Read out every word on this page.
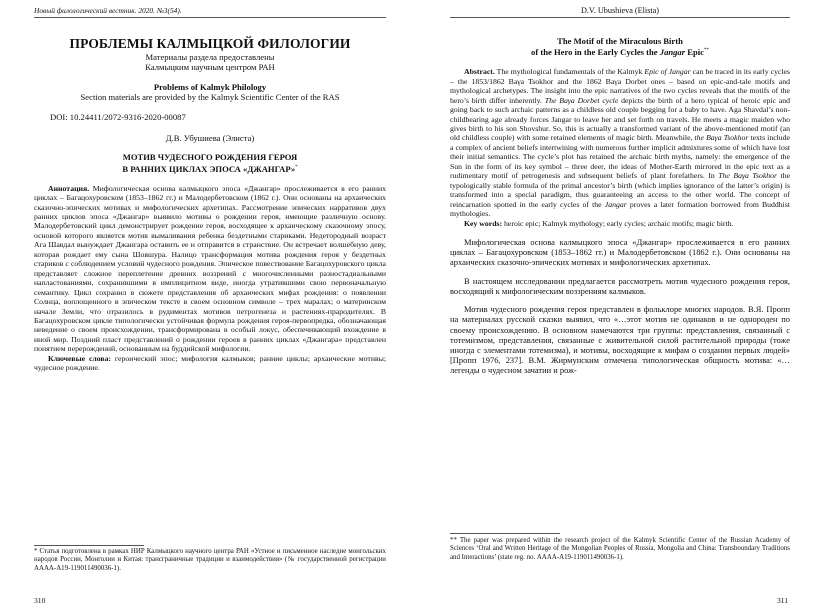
Новый филологический вестник. 2020. №3(54).
ПРОБЛЕМЫ КАЛМЫЦКОЙ ФИЛОЛОГИИ
Материалы раздела предоставлены
Калмыцким научным центром РАН
Problems of Kalmyk Philology
Section materials are provided by the Kalmyk Scientific Center of the RAS
DOI: 10.24411/2072-9316-2020-00087
Д.В. Убушиева (Элиста)
МОТИВ ЧУДЕСНОГО РОЖДЕНИЯ ГЕРОЯ
В РАННИХ ЦИКЛАХ ЭПОСА «ДЖАНГАР»*
Аннотация. Мифологическая основа калмыцкого эпоса «Джангар» прослеживается в его ранних циклах – Багацохуровском (1853–1862 гг.) и Малодербетовском (1862 г.). Они основаны на архаических сказочно-эпических мотивах и мифологических архетипах. Рассмотрение эпических нарративов двух ранних циклов эпоса «Джангар» выявило мотивы о рождении героя, имеющие различную основу. Малодербетовский цикл демонстрирует рождение героя, восходящее к архаическому сказочному эпосу, основой которого является мотив вымаливания ребенка бездетными стариками. Недетородный возраст Ага Шавдал вынуждает Джангара оставить ее и отправится в странствие. Он встречает волшебную деву, которая рождает ему сына Шовшура. Налицо трансформация мотива рождения героя у бездетных стариков с соблюдением условий чудесного рождения. Эпическое повествование Багацохуровского цикла представляет сложное переплетение древних воззрений с многочисленными разностадиальными напластованиями, сохранившими в имплицитном виде, иногда утратившими свою первоначальную семантику. Цикл сохранил в сюжете представления об архаических мифах рождения: о появлении Солнца, воплощенного в эпическом тексте в своем основном символе – трех маралах; о материнском начале Земли, что отразилось в рудиментах мотивов петрогенеза и растениях-прародителях. В Багацохуровском цикле типологически устойчивая формула рождения героя-первопредка, обозначающая неведение о своем происхождении, трансформирована в особый локус, обеспечивающий вхождение в иной мир. Поздний пласт представлений о рождении героев в ранних циклах «Джангара» представлен понятием перерождений, основанным на буддийской мифологии.
Ключевые слова: героический эпос; мифология калмыков; ранние циклы; архаические мотивы; чудесное рождение.
* Статья подготовлена в рамках НИР Калмыцкого научного центра РАН «Устное и письменное наследие монгольских народов России, Монголии и Китая: трансграничные традиции и взаимодействия» (№ государственной регистрации АААА-А19-119011490036-1).
310
D.V. Ubushieva (Elista)
The Motif of the Miraculous Birth
of the Hero in the Early Cycles the Jangar Epic**
Abstract. The mythological fundamentals of the Kalmyk Epic of Jangar can be traced in its early cycles – the 1853/1862 Baγa Tsokhor and the 1862 Baγa Dorbet ones – based on epic-and-tale motifs and mythological archetypes. The insight into the epic narratives of the two cycles reveals that the motifs of the hero’s birth differ inherently. The Baγa Dorbet cycle depicts the birth of a hero typical of heroic epic and going back to such archaic patterns as a childless old couple begging for a baby to have. Aga Shavdal’s non-childbearing age already forces Jangar to leave her and set forth on travels. He meets a magic maiden who gives birth to his son Shovshur. So, this is actually a transformed variant of the above-mentioned motif (an old childless couple) with some retained elements of magic birth. Meanwhile, the Baγa Tsokhor texts include a complex of ancient beliefs intertwining with numerous further implicit admixtures some of which have lost their initial semantics. The cycle’s plot has retained the archaic birth myths, namely: the emergence of the Sun in the form of its key symbol – three deer, the ideas of Mother-Earth mirrored in the epic text as a rudimentary motif of petrogenesis and subsequent beliefs of plant forefathers. In The Baγa Tsokhor the typologically stable formula of the primal ancestor’s birth (which implies ignorance of the latter’s origin) is transformed into a special paradigm, thus guaranteeing an access to the other world. The concept of reincarnation spotted in the early cycles of the Jangar proves a later formation borrowed from Buddhist mythologies.
Key words: heroic epic; Kalmyk mythology; early cycles; archaic motifs; magic birth.

Мифологическая основа калмыцкого эпоса «Джангар» прослеживается в его ранних циклах – Багацохуровском (1853–1862 гг.) и Малодербетовском (1862 г.). Они основаны на архаических сказочно-эпических мотивах и мифологических архетипах.

В настоящем исследовании предлагается рассмотреть мотив чудесного рождения героя, восходящий к мифологическим воззрениям калмыков.

Мотив чудесного рождения героя представлен в фольклоре многих народов. В.Я. Пропп на материалах русской сказки выявил, что «…этот мотив не одинаков и не однороден по своему происхождению. В основном намечаются три группы: представления, связанный с тотемизмом, представления, связанные с живительной силой растительной природы (тоже иногда с элементами тотемизма), и мотивы, восходящие к мифам о создании первых людей» [Пропп 1976, 237]. В.М. Жирмунским отмечена типологическая общность мотива: «…легенды о чудесном зачатии и рож-

** The paper was prepared within the research project of the Kalmyk Scientific Center of the Russian Academy of Sciences ‘Oral and Written Heritage of the Mongolian Peoples of Russia, Mongolia and China: Transboundary Traditions and Interactions’ (state reg. no. АААА-А19-119011490036-1).
311
